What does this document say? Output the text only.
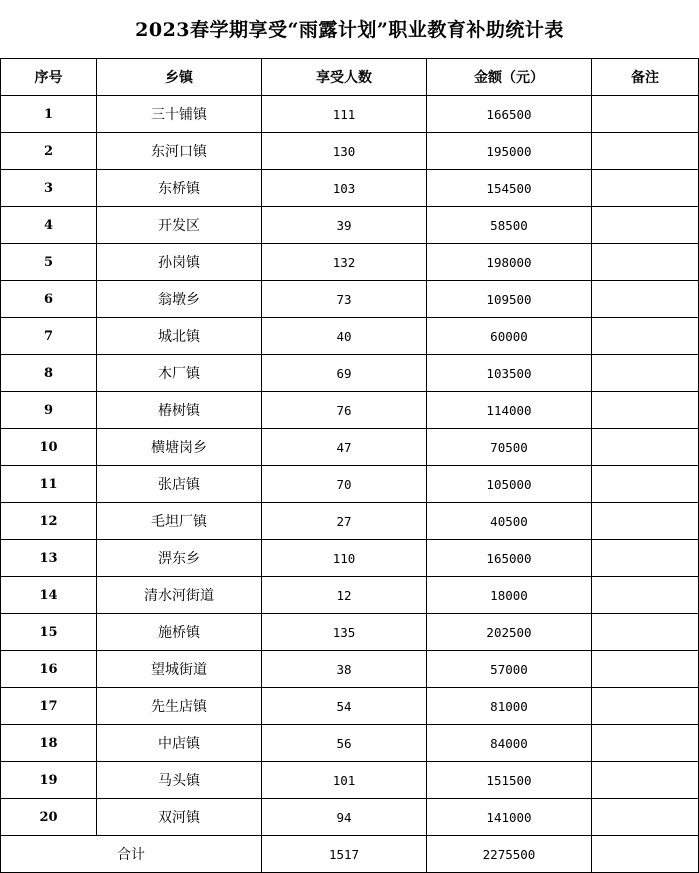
2023春学期享受“雨露计划”职业教育补助统计表
序号	乡镇	享受人数	金额（元）	备注
1	三十铺镇	111	166500	
2	东河口镇	130	195000	
3	东桥镇	103	154500	
4	开发区	39	58500	
5	孙岗镇	132	198000	
6	翁墩乡	73	109500	
7	城北镇	40	60000	
8	木厂镇	69	103500	
9	椿树镇	76	114000	
10	横塘岗乡	47	70500	
11	张店镇	70	105000	
12	毛坦厂镇	27	40500	
13	淠东乡	110	165000	
14	清水河街道	12	18000	
15	施桥镇	135	202500	
16	望城街道	38	57000	
17	先生店镇	54	81000	
18	中店镇	56	84000	
19	马头镇	101	151500	
20	双河镇	94	141000	
合计		1517	2275500	
